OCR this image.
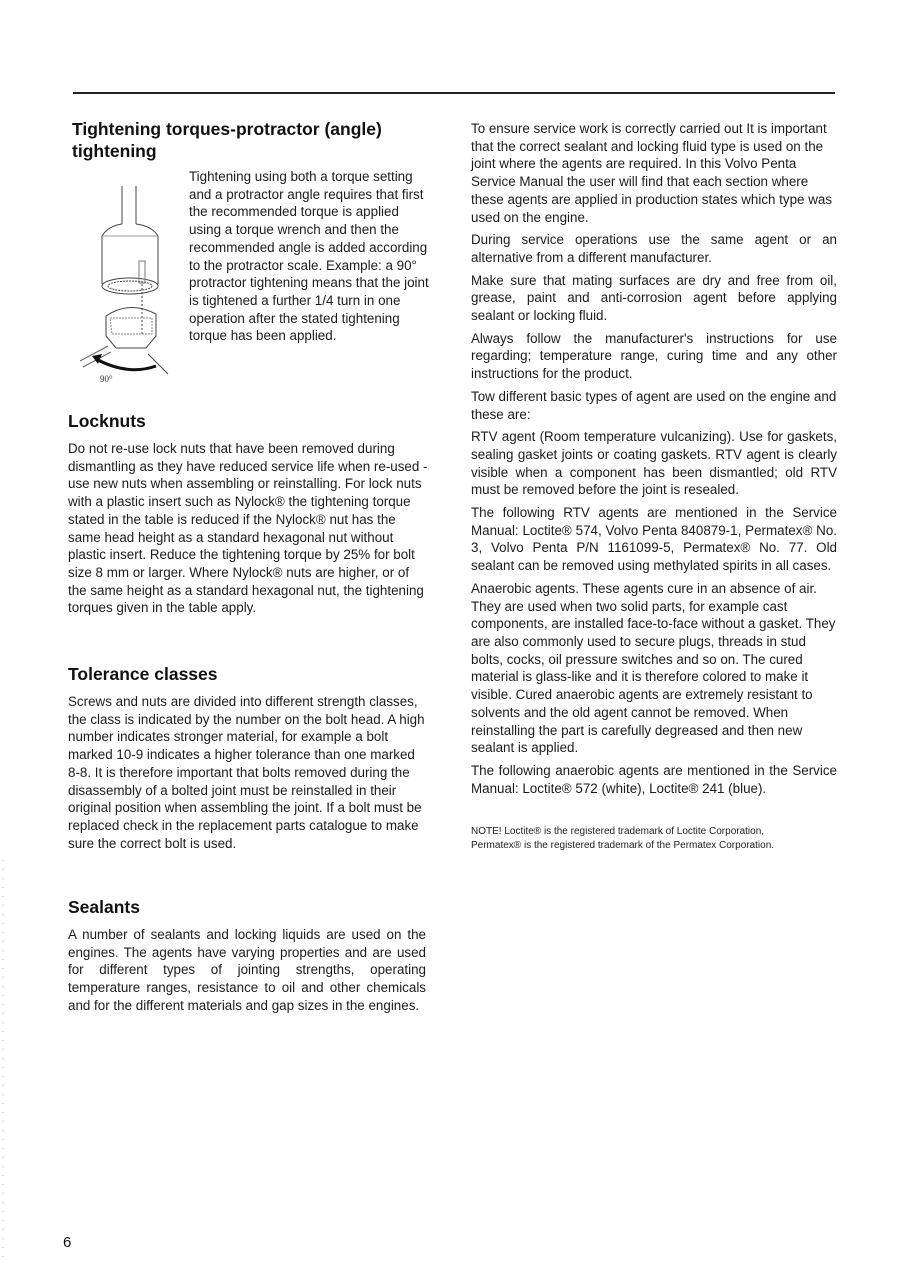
Tightening torques-protractor (angle) tightening
90°

Tightening using both a torque setting and a protractor angle requires that first the recommended torque is applied using a torque wrench and then the recommended angle is added according to the protractor scale. Example: a 90° protractor tightening means that the joint is tightened a further 1/4 turn in one operation after the stated tightening torque has been applied.

Locknuts

Do not re-use lock nuts that have been removed during dismantling as they have reduced service life when re-used - use new nuts when assembling or reinstalling. For lock nuts with a plastic insert such as Nylock® the tightening torque stated in the table is reduced if the Nylock® nut has the same head height as a standard hexagonal nut without plastic insert. Reduce the tightening torque by 25% for bolt size 8 mm or larger. Where Nylock® nuts are higher, or of the same height as a standard hexagonal nut, the tightening torques given in the table apply.

Tolerance classes

Screws and nuts are divided into different strength classes, the class is indicated by the number on the bolt head. A high number indicates stronger material, for example a bolt marked 10-9 indicates a higher tolerance than one marked 8-8. It is therefore important that bolts removed during the disassembly of a bolted joint must be reinstalled in their original position when assembling the joint. If a bolt must be replaced check in the replacement parts catalogue to make sure the correct bolt is used.

Sealants

A number of sealants and locking liquids are used on the engines. The agents have varying properties and are used for different types of jointing strengths, operating temperature ranges, resistance to oil and other chemicals and for the different materials and gap sizes in the engines.

To ensure service work is correctly carried out It is important that the correct sealant and locking fluid type is used on the joint where the agents are required. In this Volvo Penta Service Manual the user will find that each section where these agents are applied in production states which type was used on the engine.

During service operations use the same agent or an alternative from a different manufacturer.

Make sure that mating surfaces are dry and free from oil, grease, paint and anti-corrosion agent before applying sealant or locking fluid.

Always follow the manufacturer's instructions for use regarding; temperature range, curing time and any other instructions for the product.

Tow different basic types of agent are used on the engine and these are:

RTV agent (Room temperature vulcanizing). Use for gaskets, sealing gasket joints or coating gaskets. RTV agent is clearly visible when a component has been dismantled; old RTV must be removed before the joint is resealed.

The following RTV agents are mentioned in the Service Manual: Loctite® 574, Volvo Penta 840879-1, Permatex® No. 3, Volvo Penta P/N 1161099-5, Permatex® No. 77. Old sealant can be removed using methylated spirits in all cases.

Anaerobic agents. These agents cure in an absence of air. They are used when two solid parts, for example cast components, are installed face-to-face without a gasket. They are also commonly used to secure plugs, threads in stud bolts, cocks, oil pressure switches and so on. The cured material is glass-like and it is therefore colored to make it visible. Cured anaerobic agents are extremely resistant to solvents and the old agent cannot be removed. When reinstalling the part is carefully degreased and then new sealant is applied.

The following anaerobic agents are mentioned in the Service Manual: Loctite® 572 (white), Loctite® 241 (blue).

NOTE! Loctite® is the registered trademark of Loctite Corporation, Permatex® is the registered trademark of the Permatex Corporation.

6
